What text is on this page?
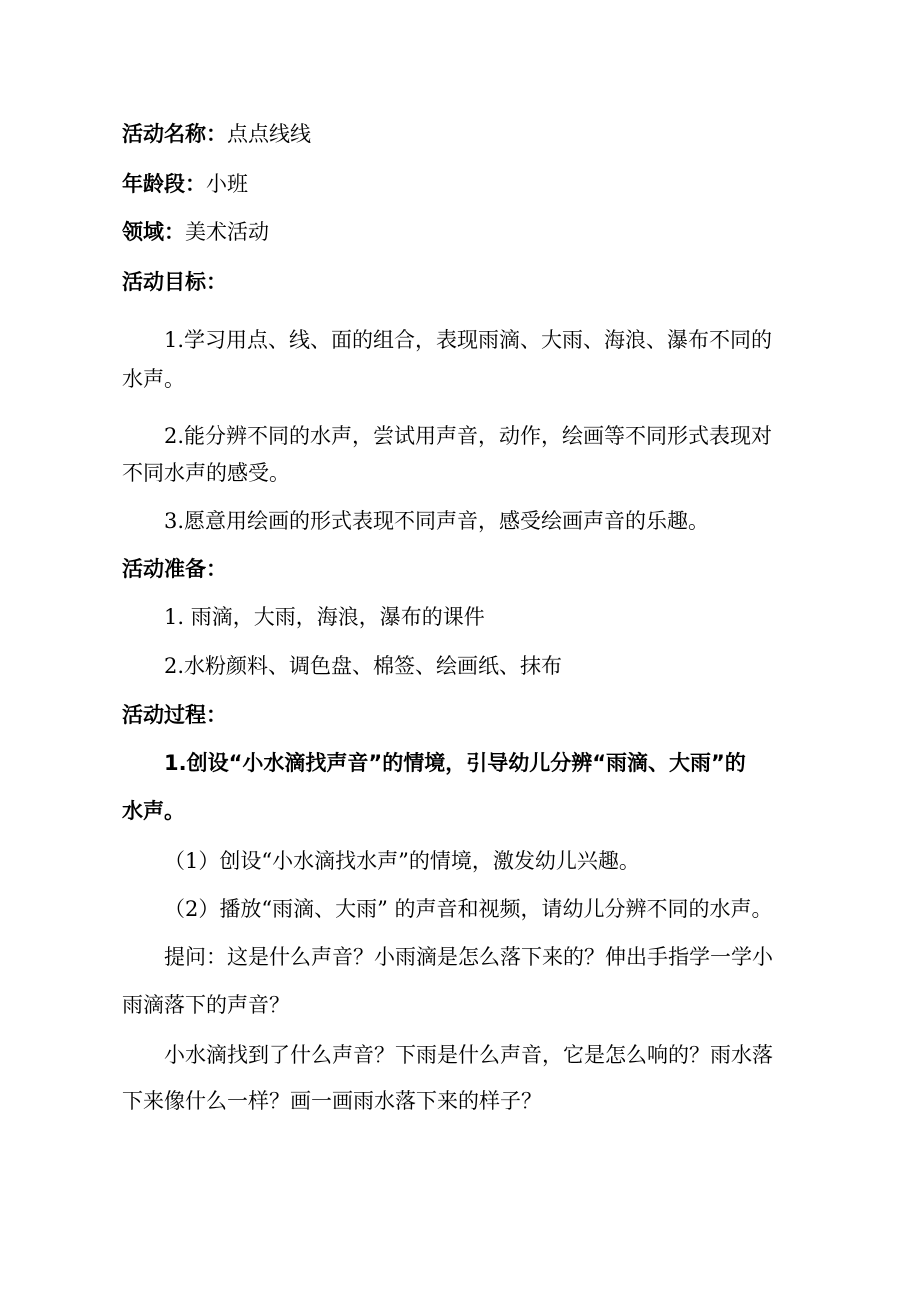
活动名称：点点线线
年龄段：小班
领域：美术活动
活动目标：
1.学习用点、线、面的组合，表现雨滴、大雨、海浪、瀑布不同的
水声。
2.能分辨不同的水声，尝试用声音，动作，绘画等不同形式表现对
不同水声的感受。
3.愿意用绘画的形式表现不同声音，感受绘画声音的乐趣。
活动准备：
1. 雨滴，大雨，海浪，瀑布的课件
2.水粉颜料、调色盘、棉签、绘画纸、抹布
活动过程：
1.创设“小水滴找声音”的情境，引导幼儿分辨“雨滴、大雨”的
水声。
（1）创设“小水滴找水声”的情境，激发幼儿兴趣。
（2）播放“雨滴、大雨” 的声音和视频，请幼儿分辨不同的水声。
提问：这是什么声音？小雨滴是怎么落下来的？伸出手指学一学小
雨滴落下的声音？
小水滴找到了什么声音？下雨是什么声音，它是怎么响的？雨水落
下来像什么一样？画一画雨水落下来的样子？
